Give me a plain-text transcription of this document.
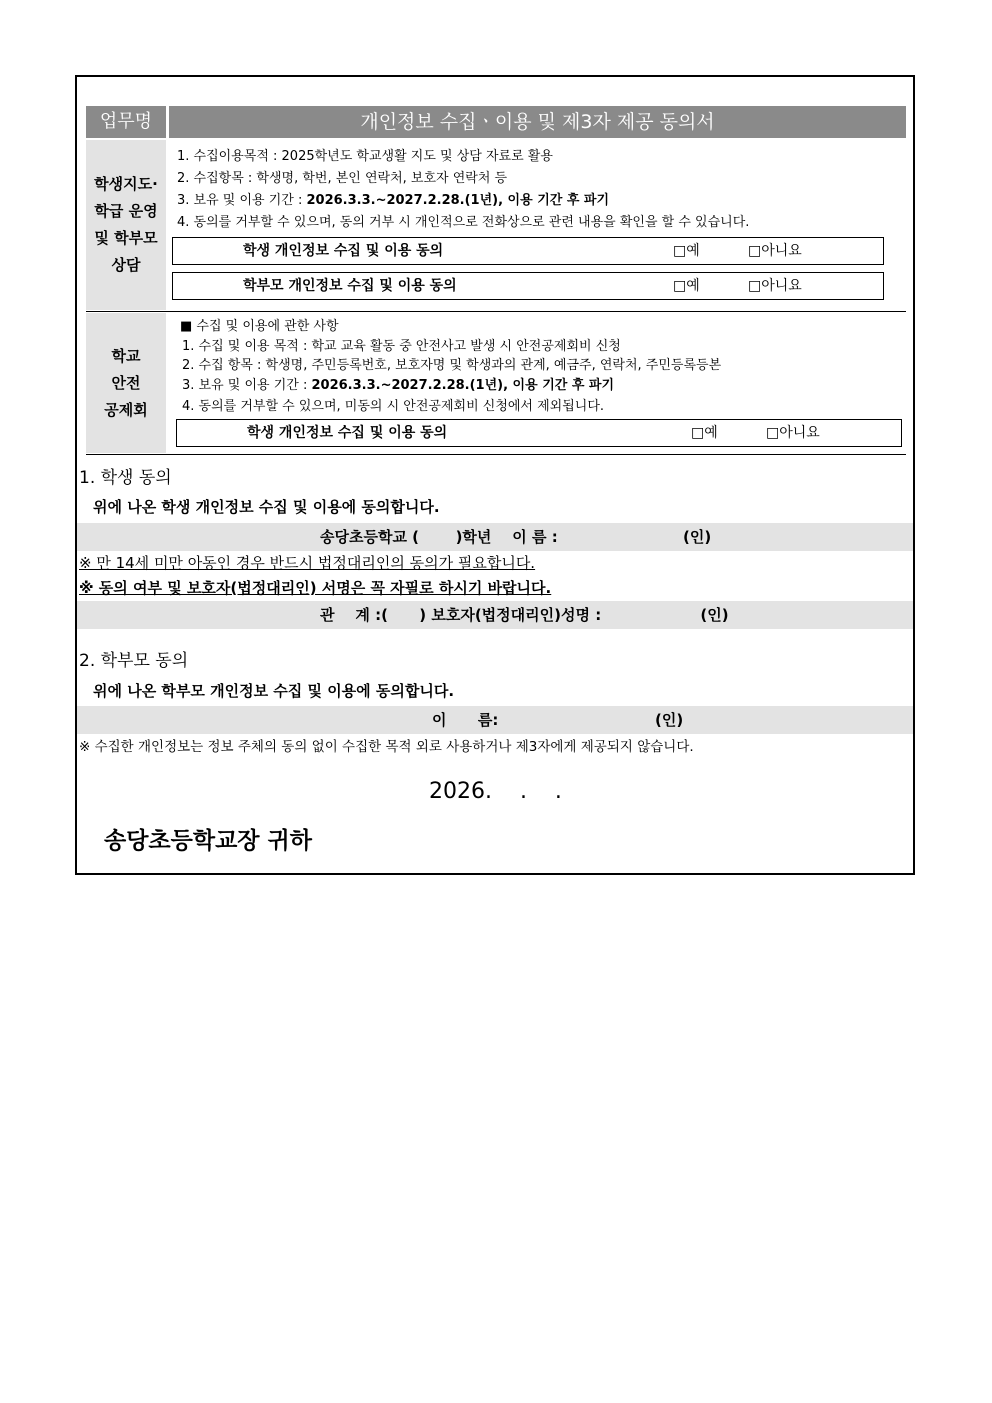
업무명	개인정보 수집ㆍ이용 및 제3자 제공 동의서
학생지도·
학급 운영
및 학부모
상담
1. 수집이용목적 : 2025학년도 학교생활 지도 및 상담 자료로 활용
2. 수집항목 : 학생명, 학번, 본인 연락처, 보호자 연락처 등
3. 보유 및 이용 기간 : 2026.3.3.~2027.2.28.(1년), 이용 기간 후 파기
4. 동의를 거부할 수 있으며, 동의 거부 시 개인적으로 전화상으로 관련 내용을 확인을 할 수 있습니다.
학생 개인정보 수집 및 이용 동의	□예	□아니요
학부모 개인정보 수집 및 이용 동의	□예	□아니요
학교
안전
공제회
■ 수집 및 이용에 관한 사항
1. 수집 및 이용 목적 : 학교 교육 활동 중 안전사고 발생 시 안전공제회비 신청
2. 수집 항목 : 학생명, 주민등록번호, 보호자명 및 학생과의 관계, 예금주, 연락처, 주민등록등본
3. 보유 및 이용 기간 : 2026.3.3.~2027.2.28.(1년), 이용 기간 후 파기
4. 동의를 거부할 수 있으며, 미동의 시 안전공제회비 신청에서 제외됩니다.
학생 개인정보 수집 및 이용 동의	□예	□아니요
1. 학생 동의
위에 나온 학생 개인정보 수집 및 이용에 동의합니다.
송당초등학교 (       )학년    이 름 :                        (인)
※ 만 14세 미만 아동인 경우 반드시 법정대리인의 동의가 필요합니다.
※ 동의 여부 및 보호자(법정대리인) 서명은 꼭 자필로 하시기 바랍니다.
관    계 :(      ) 보호자(법정대리인)성명 :                   (인)
2. 학부모 동의
위에 나온 학부모 개인정보 수집 및 이용에 동의합니다.
이      름:                              (인)
※ 수집한 개인정보는 정보 주체의 동의 없이 수집한 목적 외로 사용하거나 제3자에게 제공되지 않습니다.
2026.    .    .
송당초등학교장 귀하
